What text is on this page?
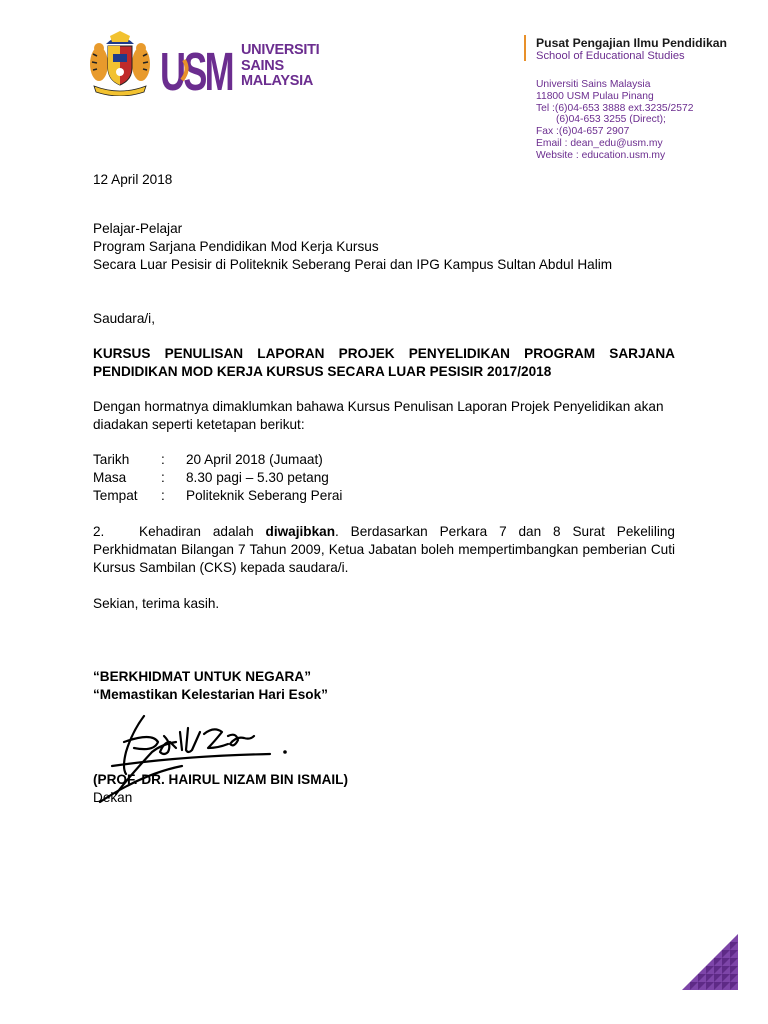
USM UNIVERSITI
SAINS
MALAYSIA
Pusat Pengajian Ilmu Pendidikan
School of Educational Studies
Universiti Sains Malaysia
11800 USM Pulau Pinang
Tel :(6)04-653 3888 ext.3235/2572
(6)04-653 3255 (Direct);
Fax :(6)04-657 2907
Email : dean_edu@usm.my
Website : education.usm.my
12 April 2018
Pelajar-Pelajar
Program Sarjana Pendidikan Mod Kerja Kursus
Secara Luar Pesisir di Politeknik Seberang Perai dan IPG Kampus Sultan Abdul Halim
Saudara/i,
KURSUS PENULISAN LAPORAN PROJEK PENYELIDIKAN PROGRAM SARJANA PENDIDIKAN MOD KERJA KURSUS SECARA LUAR PESISIR 2017/2018
Dengan hormatnya dimaklumkan bahawa Kursus Penulisan Laporan Projek Penyelidikan akan diadakan seperti ketetapan berikut:
Tarikh : 20 April 2018 (Jumaat)
Masa	: 8.30 pagi – 5.30 petang
Tempat : Politeknik Seberang Perai
2.	Kehadiran adalah diwajibkan. Berdasarkan Perkara 7 dan 8 Surat Pekeliling Perkhidmatan Bilangan 7 Tahun 2009, Ketua Jabatan boleh mempertimbangkan pemberian Cuti Kursus Sambilan (CKS) kepada saudara/i.
Sekian, terima kasih.
“BERKHIDMAT UNTUK NEGARA”
“Memastikan Kelestarian Hari Esok”
(PROF. DR. HAIRUL NIZAM BIN ISMAIL)
Dekan
